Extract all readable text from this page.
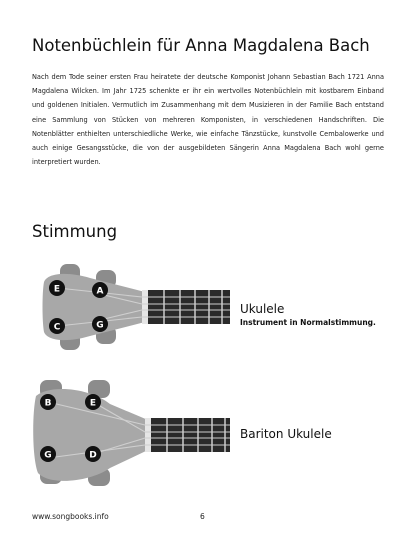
Notenbüchlein für Anna Magdalena Bach

Nach dem Tode seiner ersten Frau heiratete der deutsche Komponist Johann Sebastian Bach 1721 Anna Magdalena Wilcken. Im Jahr 1725 schenkte er ihr ein wertvolles Notenbüchlein mit kostbarem Einband und goldenen Initialen. Vermutlich im Zusammenhang mit dem Musizieren in der Familie Bach entstand eine Sammlung von Stücken von mehreren Komponisten, in verschiedenen Handschriften. Die Notenblätter enthielten unterschiedliche Werke, wie einfache Tänzstücke, kunstvolle Cembalowerke und auch einige Gesangsstücke, die von der ausgebildeten Sängerin Anna Magdalena Bach wohl gerne interpretiert wurden.

Stimmung
E	A
C	G
Ukulele
Instrument in Normalstimmung.
B	E
G	D
Bariton Ukulele
www.songbooks.info	6
